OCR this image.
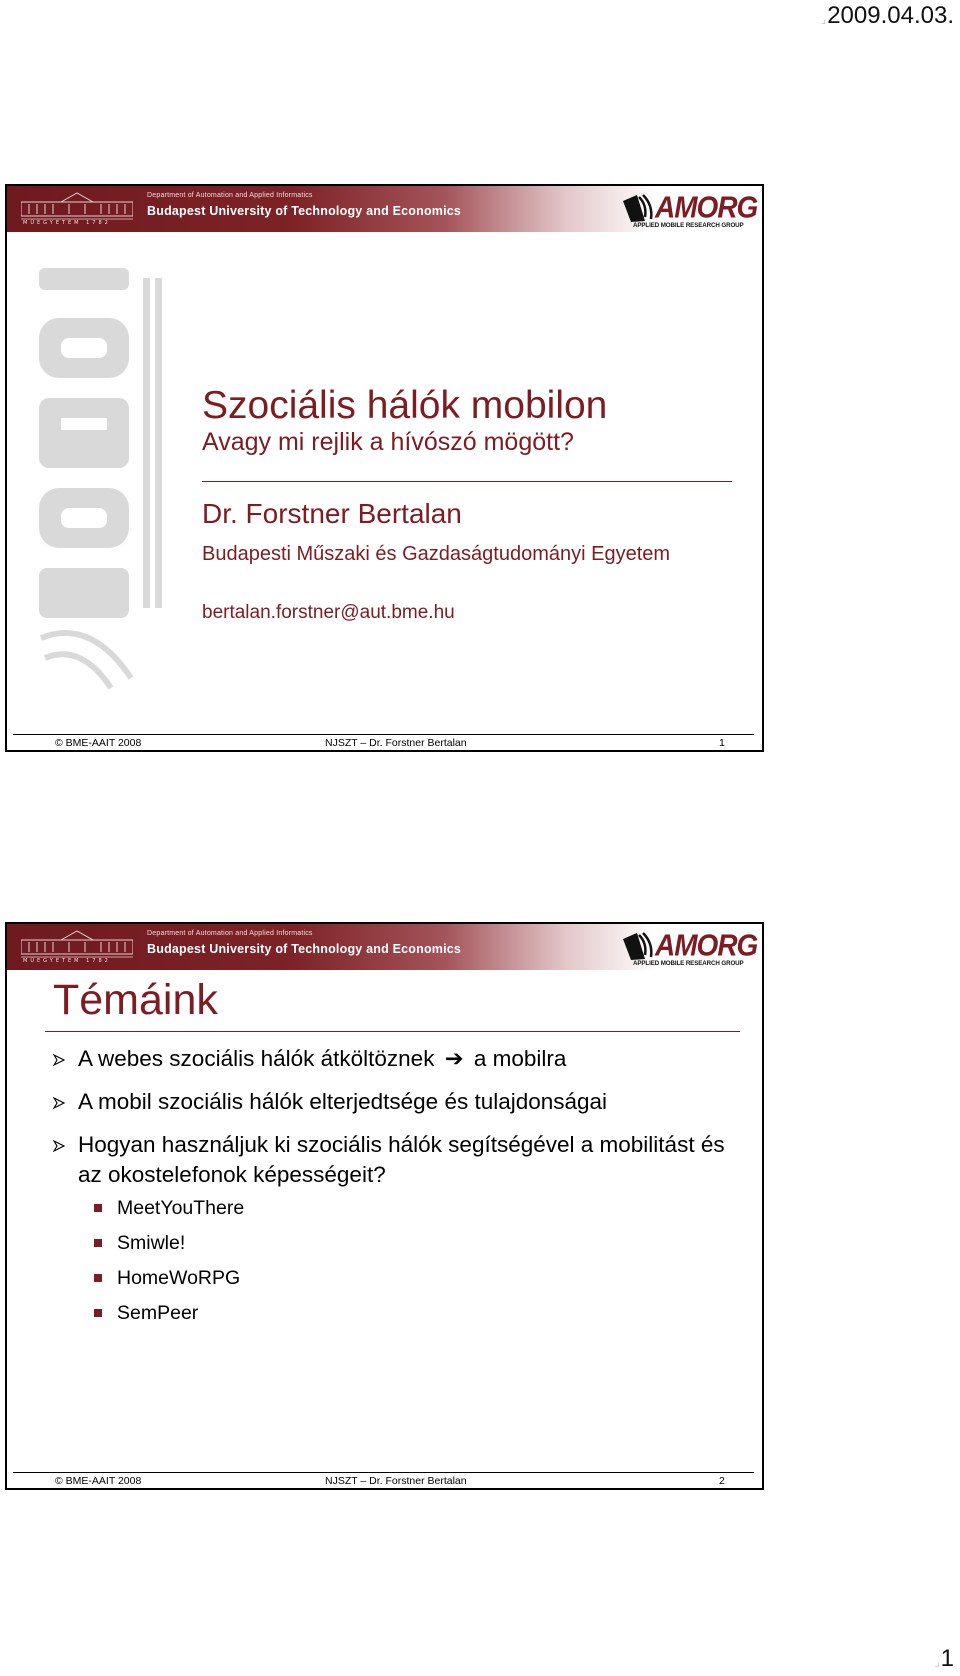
⌟2009.04.03.
MŰEGYETEM 1782
Department of Automation and Applied Informatics
Budapest University of Technology and Economics	AMORG
APPLIED MOBILE RESEARCH GROUP
Szociális hálók mobilon
Avagy mi rejlik a hívószó mögött?
Dr. Forstner Bertalan
Budapesti Műszaki és Gazdaságtudományi Egyetem
bertalan.forstner@aut.bme.hu
© BME-AAIT 2008	NJSZT – Dr. Forstner Bertalan	1
MŰEGYETEM 1782
Department of Automation and Applied Informatics
Budapest University of Technology and Economics	AMORG
APPLIED MOBILE RESEARCH GROUP
Témáink
A webes szociális hálók átköltöznek ➔ a mobilra
A mobil szociális hálók elterjedtsége és tulajdonságai
Hogyan használjuk ki szociális hálók segítségével a mobilitást és az okostelefonok képességeit?
MeetYouThere
Smiwle!
HomeWoRPG
SemPeer
© BME-AAIT 2008	NJSZT – Dr. Forstner Bertalan	2
⌟1
